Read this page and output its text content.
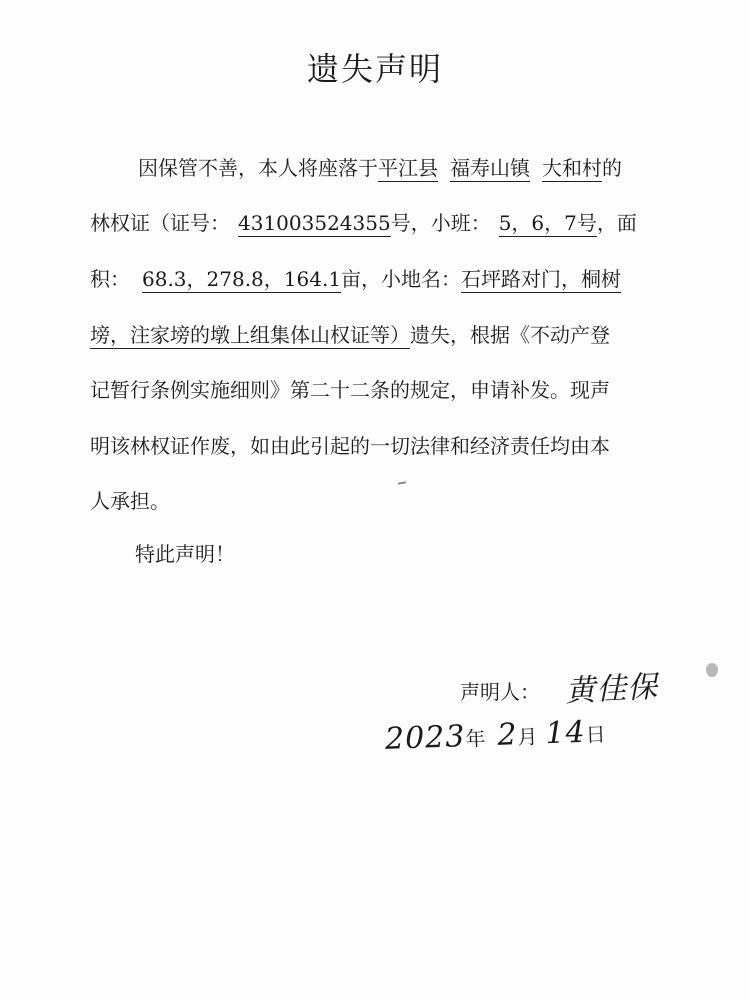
遗失声明
因保管不善，本人将座落于平江县 福寿山镇 大和村的
林权证（证号： 431003524355号，小班： 5，6，7号，面
积： 68.3，278.8，164.1亩，小地名：石坪路对门，桐树
塝，注家塝的墩上组集体山权证等）遗失，根据《不动产登
记暂行条例实施细则》第二十二条的规定，申请补发。现声
明该林权证作废，如由此引起的一切法律和经济责任均由本
人承担。
特此声明！
声明人： 黄佳保
2023年 2月 14日
